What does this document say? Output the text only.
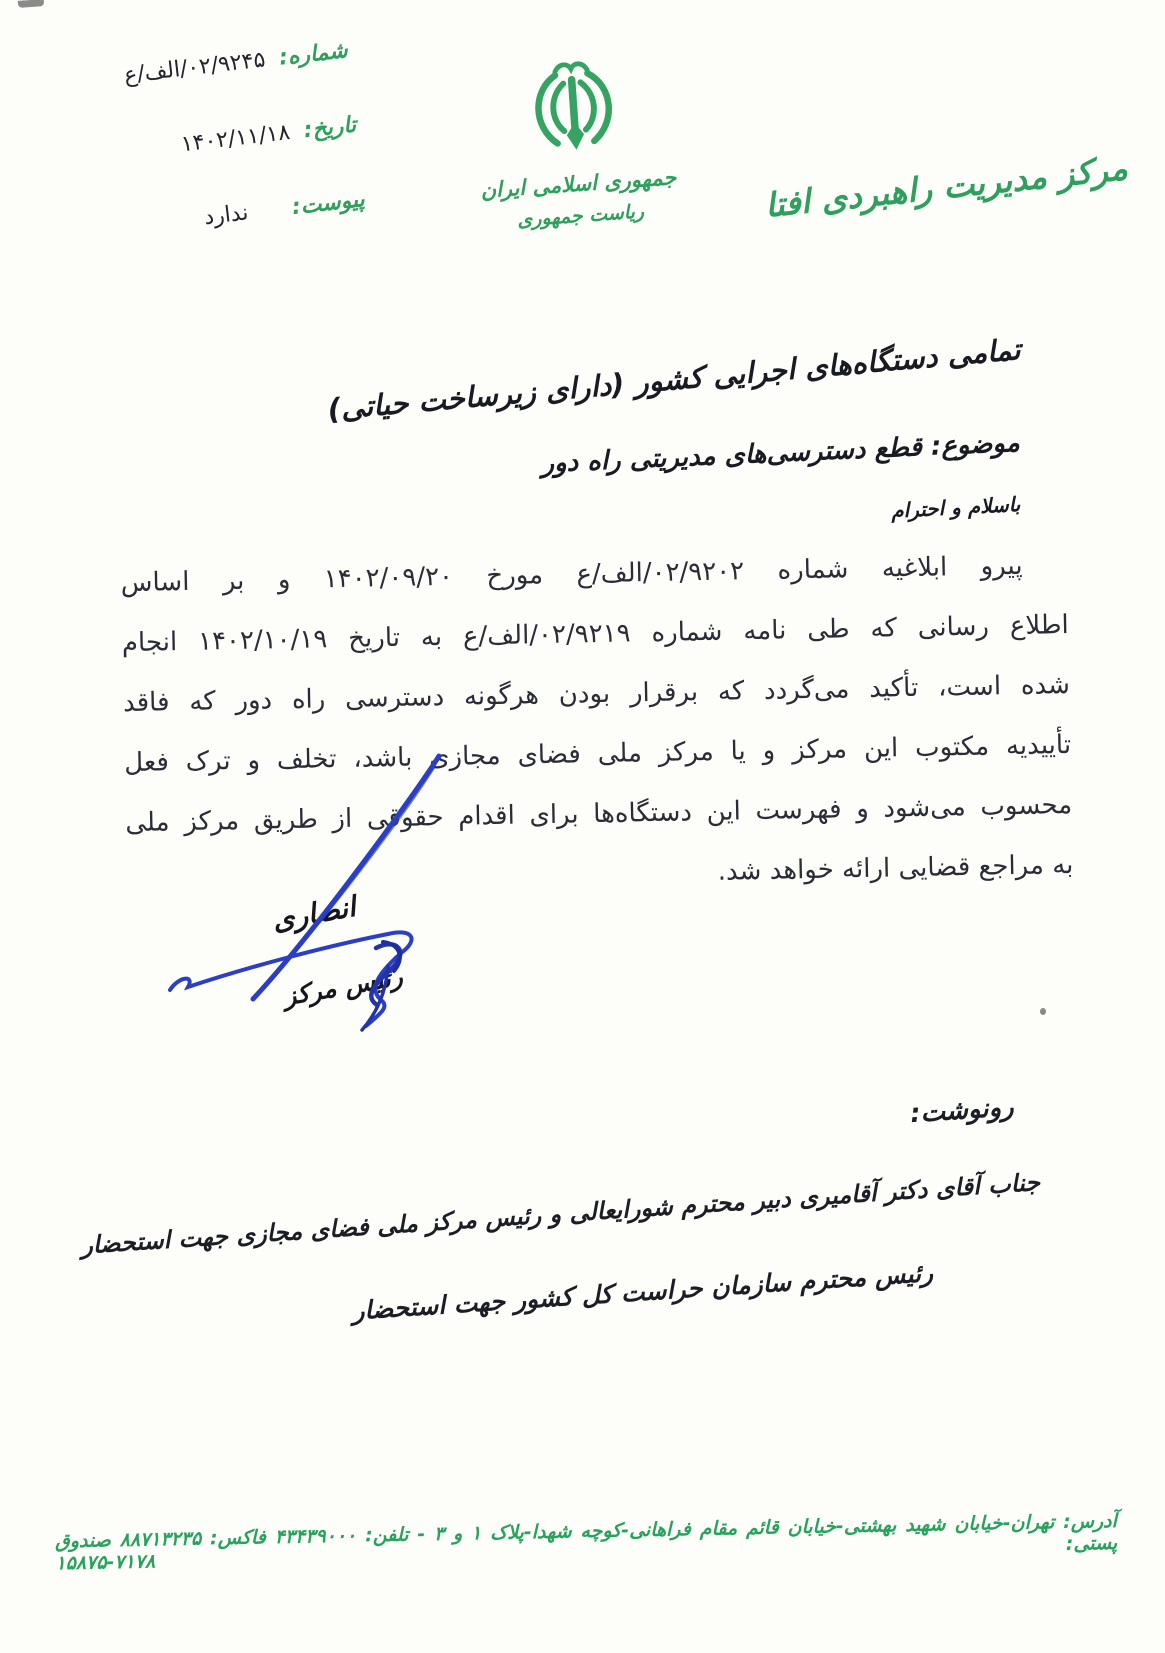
شماره:
۰۲/۹۲۴۵/الف/ع
تاریخ:
۱۴۰۲/۱۱/۱۸
پیوست:
ندارد
جمهوری اسلامی ایران
ریاست جمهوری	مرکز مدیریت راهبردی افتا
تمامی دستگاه‌های اجرایی کشور (دارای زیرساخت حیاتی)
موضوع: قطع دسترسی‌های مدیریتی راه دور
باسلام و احترام
پیرو ابلاغیه شماره ۰۲/۹۲۰۲/الف/ع مورخ ۱۴۰۲/۰۹/۲۰ و بر اساس
اطلاع رسانی که طی نامه شماره ۰۲/۹۲۱۹/الف/ع به تاریخ ۱۴۰۲/۱۰/۱۹ انجام
شده است، تأکید می‌گردد که برقرار بودن هرگونه دسترسی راه دور که فاقد
تأییدیه مکتوب این مرکز و یا مرکز ملی فضای مجازی باشد، تخلف و ترک فعل
محسوب می‌شود و فهرست این دستگاه‌ها برای اقدام حقوقی از طریق مرکز ملی
به مراجع قضایی ارائه خواهد شد.
انصاری
رئیس مرکز
رونوشت:
جناب آقای دکتر آقامیری دبیر محترم شورایعالی و رئیس مرکز ملی فضای مجازی جهت استحضار
رئیس محترم سازمان حراست کل کشور جهت استحضار
آدرس: تهران-خیابان شهید بهشتی-خیابان قائم مقام فراهانی-کوچه شهدا-پلاک ۱ و ۳ - تلفن: ۴۳۴۳۹۰۰۰ فاکس: ۸۸۷۱۳۲۳۵ صندوق پستی: ۷۱۷۸-۱۵۸۷۵
